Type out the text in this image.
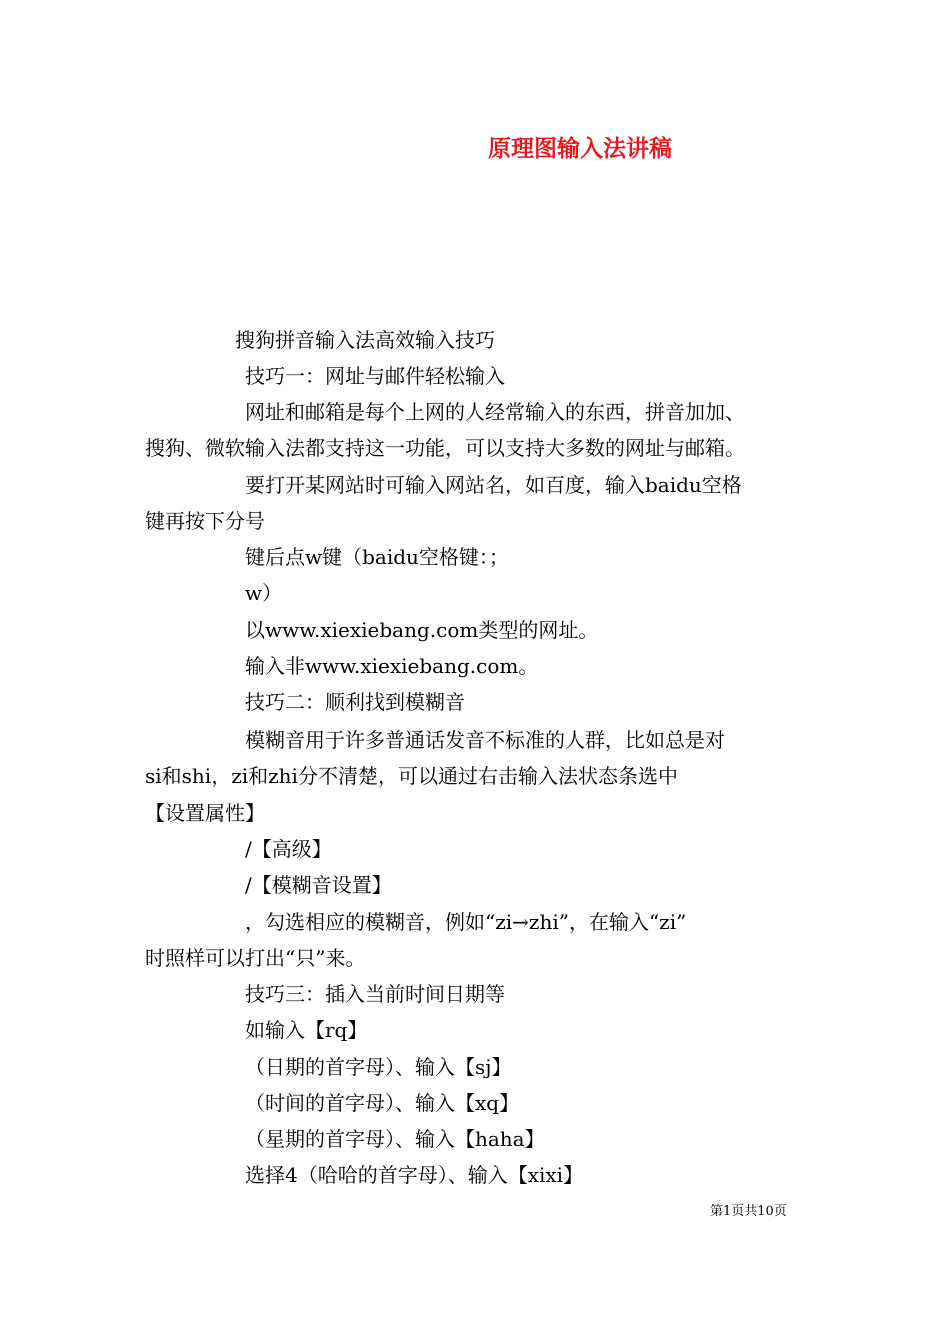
原理图输入法讲稿
搜狗拼音输入法高效输入技巧
技巧一：网址与邮件轻松输入
网址和邮箱是每个上网的人经常输入的东西，拼音加加、
搜狗、微软输入法都支持这一功能，可以支持大多数的网址与邮箱。
要打开某网站时可输入网站名，如百度，输入baidu空格
键再按下分号
键后点w键（baidu空格键：；
w）
以www.xiexiebang.com类型的网址。
输入非www.xiexiebang.com。
技巧二：顺利找到模糊音
模糊音用于许多普通话发音不标准的人群，比如总是对
si和shi，zi和zhi分不清楚，可以通过右击输入法状态条选中
【设置属性】
/【高级】
/【模糊音设置】
，勾选相应的模糊音，例如“zi→zhi”，在输入“zi”
时照样可以打出“只”来。
技巧三：插入当前时间日期等
如输入【rq】
（日期的首字母）、输入【sj】
（时间的首字母）、输入【xq】
（星期的首字母）、输入【haha】
选择4（哈哈的首字母）、输入【xixi】
第1页共10页
